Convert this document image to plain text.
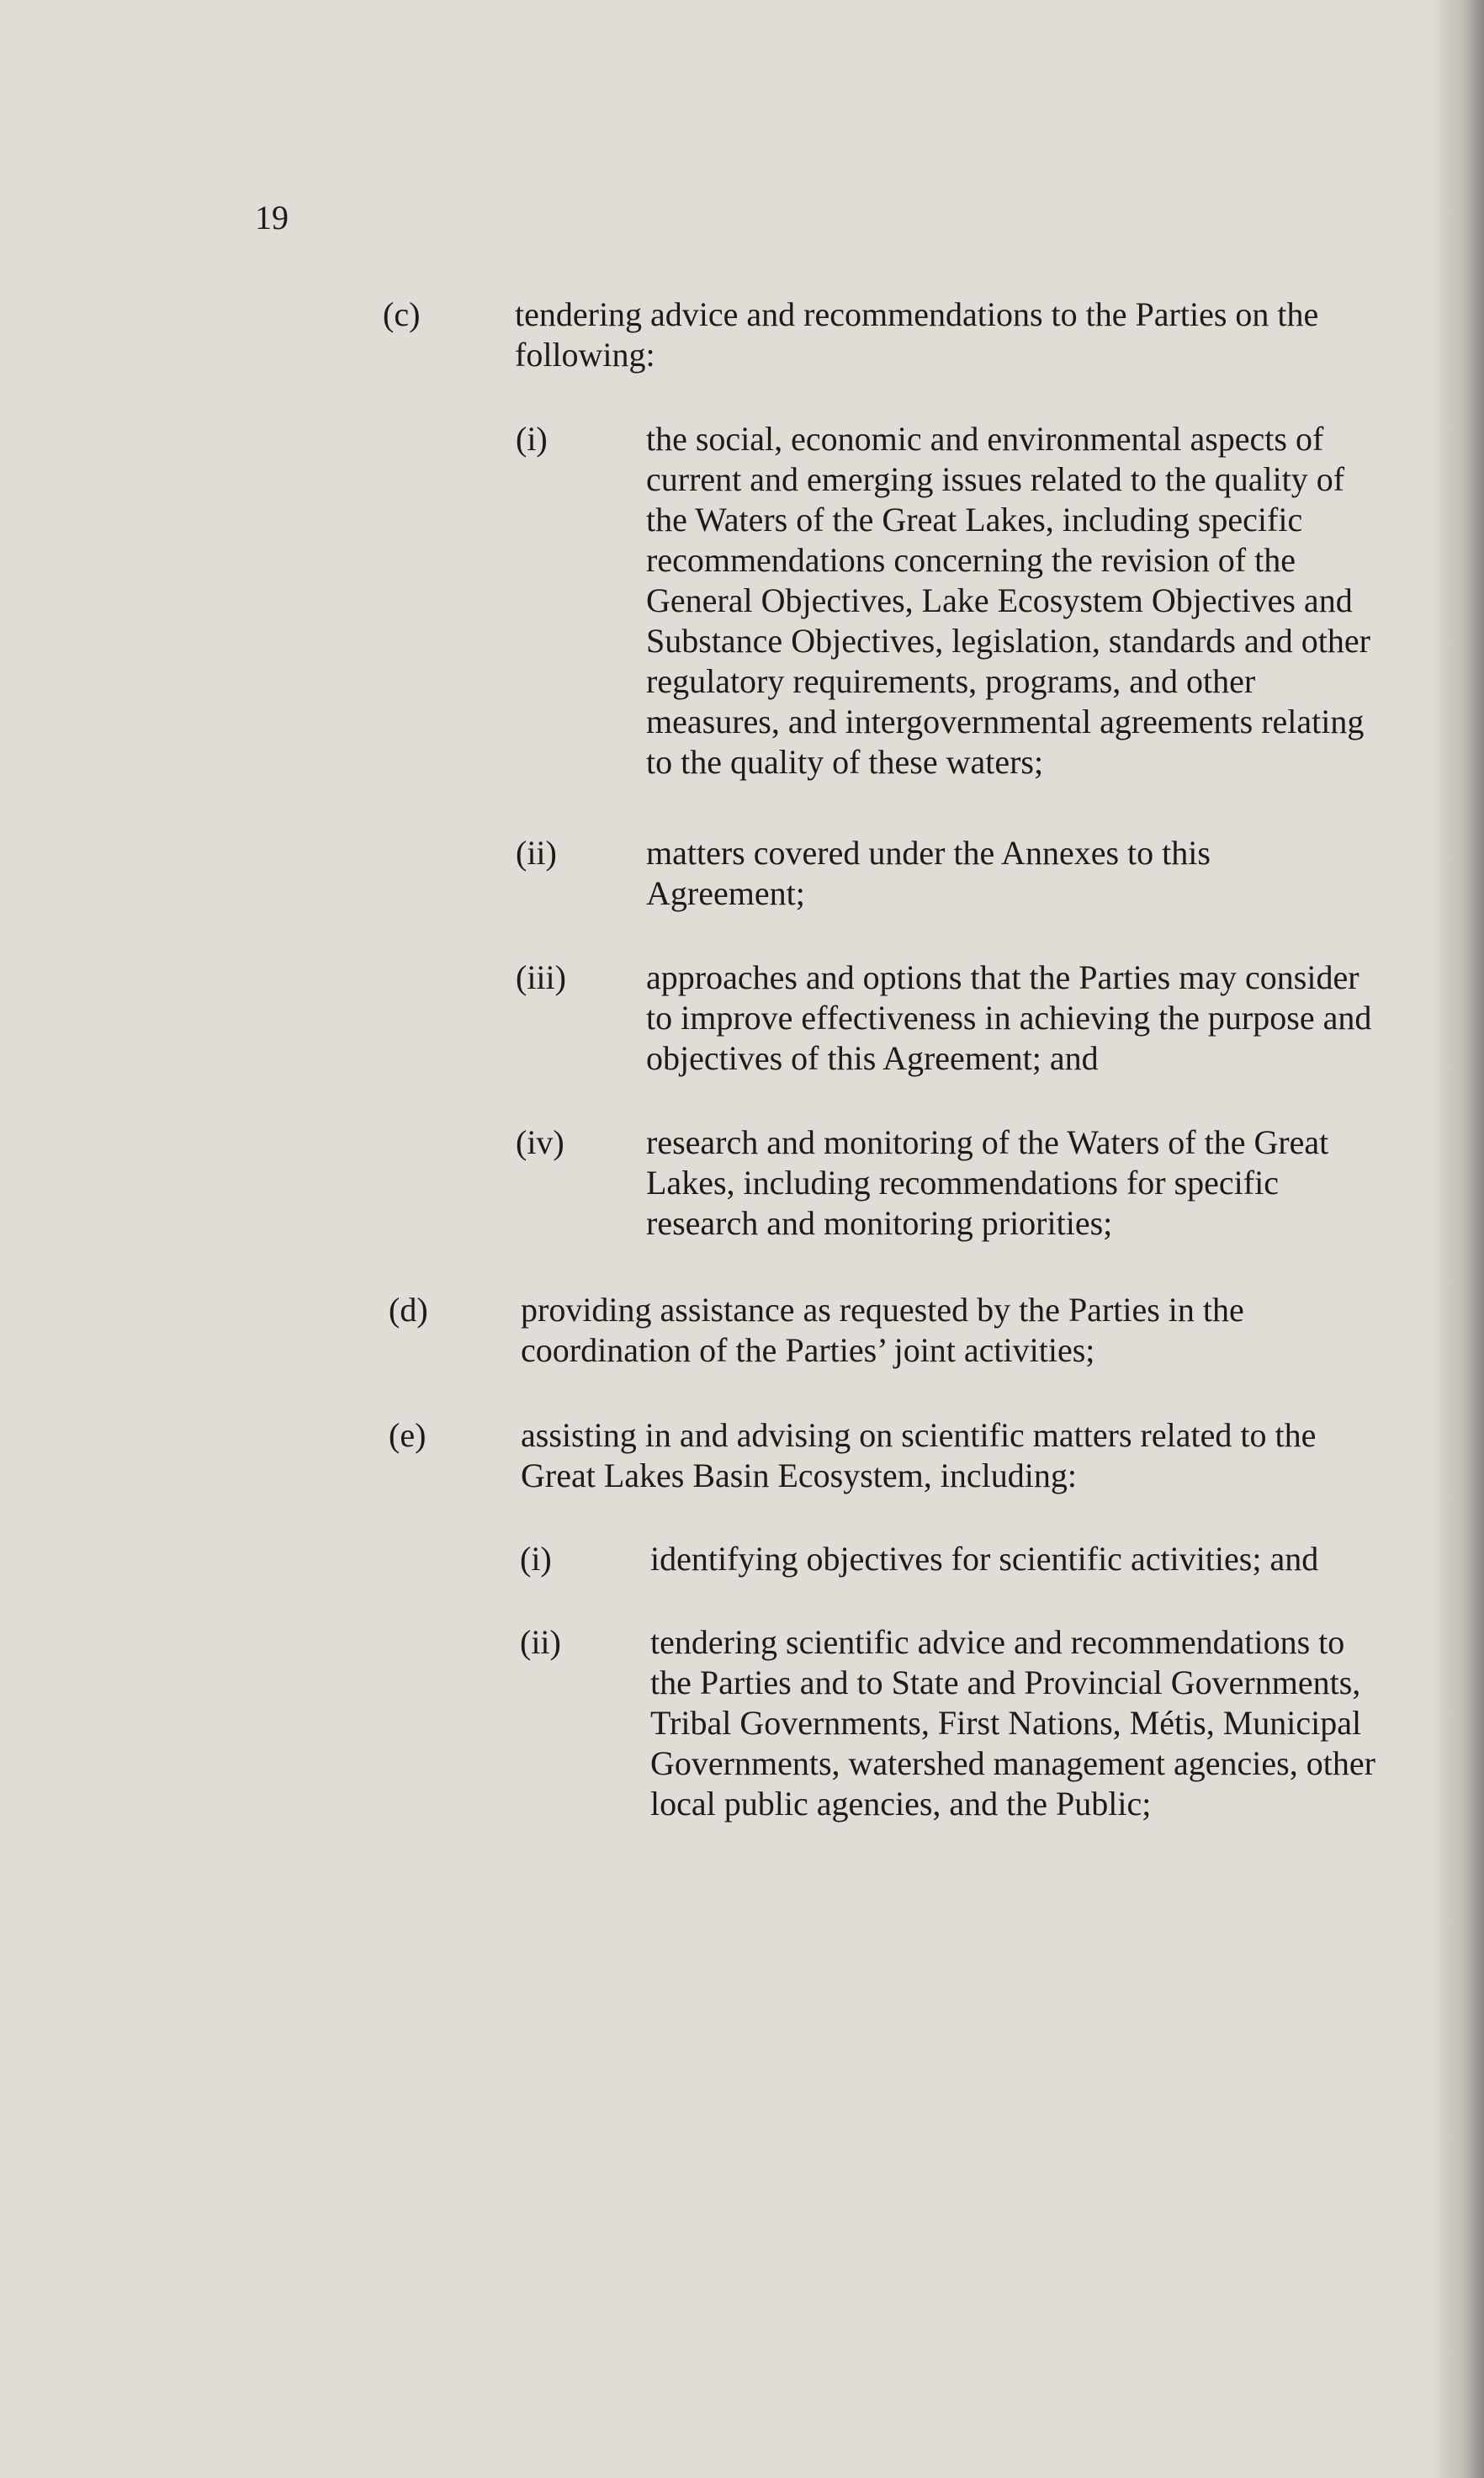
19
(c)	tendering advice and recommendations to the Parties on the
following:
(i)	the social, economic and environmental aspects of
current and emerging issues related to the quality of
the Waters of the Great Lakes, including specific
recommendations concerning the revision of the
General Objectives, Lake Ecosystem Objectives and
Substance Objectives, legislation, standards and other
regulatory requirements, programs, and other
measures, and intergovernmental agreements relating
to the quality of these waters;
(ii)	matters covered under the Annexes to this
Agreement;
(iii) approaches and options that the Parties may consider
to improve effectiveness in achieving the purpose and
objectives of this Agreement; and
(iv) research and monitoring of the Waters of the Great
Lakes, including recommendations for specific
research and monitoring priorities;
(d)	providing assistance as requested by the Parties in the
coordination of the Parties’ joint activities;
(e)	assisting in and advising on scientific matters related to the
Great Lakes Basin Ecosystem, including:
(i)	identifying objectives for scientific activities; and
(ii)	tendering scientific advice and recommendations to
the Parties and to State and Provincial Governments,
Tribal Governments, First Nations, Métis, Municipal
Governments, watershed management agencies, other
local public agencies, and the Public;
